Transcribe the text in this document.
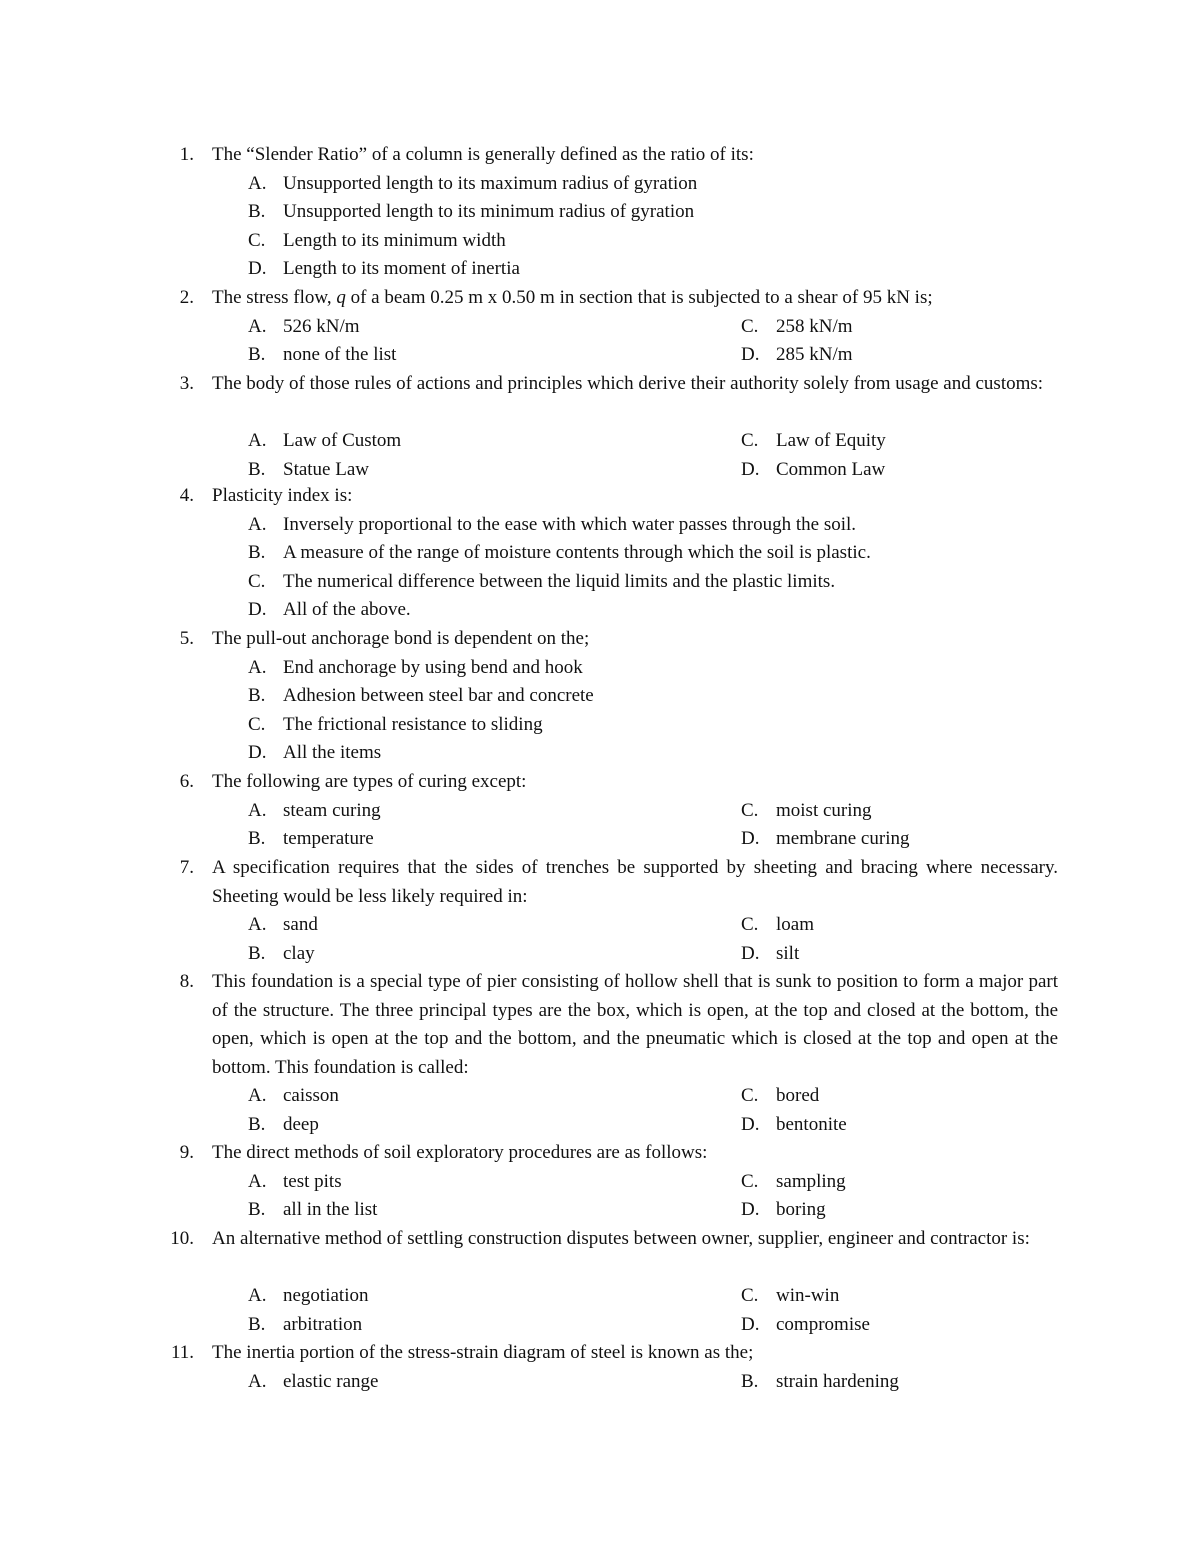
1. The “Slender Ratio” of a column is generally defined as the ratio of its:
A. Unsupported length to its maximum radius of gyration
B. Unsupported length to its minimum radius of gyration
C. Length to its minimum width
D. Length to its moment of inertia
2. The stress flow, q of a beam 0.25 m x 0.50 m in section that is subjected to a shear of 95 kN is;
A. 526 kN/m	C. 258 kN/m
B. none of the list	D. 285 kN/m
3. The body of those rules of actions and principles which derive their authority solely from usage and customs:
A. Law of Custom	C. Law of Equity
B. Statue Law	D. Common Law
4. Plasticity index is:
A. Inversely proportional to the ease with which water passes through the soil.
B. A measure of the range of moisture contents through which the soil is plastic.
C. The numerical difference between the liquid limits and the plastic limits.
D. All of the above.
5. The pull-out anchorage bond is dependent on the;
A. End anchorage by using bend and hook
B. Adhesion between steel bar and concrete
C. The frictional resistance to sliding
D. All the items
6. The following are types of curing except:
A. steam curing	C. moist curing
B. temperature	D. membrane curing
7. A specification requires that the sides of trenches be supported by sheeting and bracing where necessary. Sheeting would be less likely required in:
A. sand	C. loam
B. clay	D. silt
8. This foundation is a special type of pier consisting of hollow shell that is sunk to position to form a major part of the structure. The three principal types are the box, which is open, at the top and closed at the bottom, the open, which is open at the top and the bottom, and the pneumatic which is closed at the top and open at the bottom. This foundation is called:
A. caisson	C. bored
B. deep	D. bentonite
9. The direct methods of soil exploratory procedures are as follows:
A. test pits	C. sampling
B. all in the list	D. boring
10. An alternative method of settling construction disputes between owner, supplier, engineer and contractor is:
A. negotiation	C. win-win
B. arbitration	D. compromise
11. The inertia portion of the stress-strain diagram of steel is known as the;
A. elastic range	B. strain hardening
